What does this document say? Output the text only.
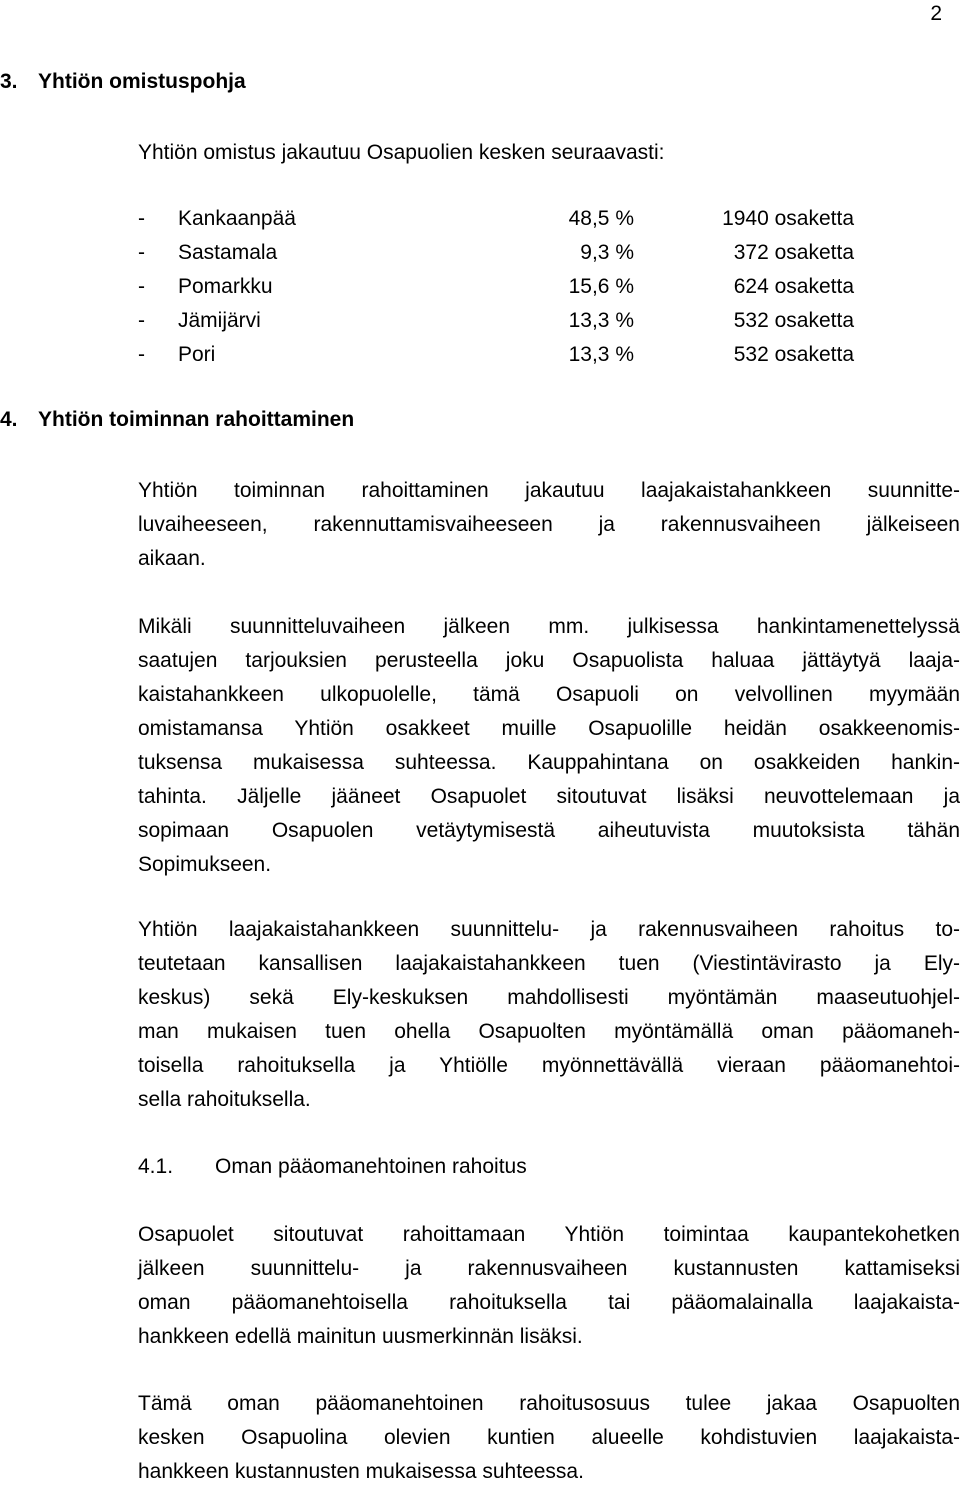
2
3. Yhtiön omistuspohja
Yhtiön omistus jakautuu Osapuolien kesken seuraavasti:
- Kankaanpää	48,5 %	1940 osaketta
- Sastamala	9,3 %	372 osaketta
- Pomarkku	15,6 %	624 osaketta
- Jämijärvi	13,3 %	532 osaketta
- Pori	13,3 %	532 osaketta
4. Yhtiön toiminnan rahoittaminen
Yhtiön toiminnan rahoittaminen jakautuu laajakaistahankkeen suunnitte-
luvaiheeseen, rakennuttamisvaiheeseen ja rakennusvaiheen jälkeiseen
aikaan.
Mikäli suunnitteluvaiheen jälkeen mm. julkisessa hankintamenettelyssä
saatujen tarjouksien perusteella joku Osapuolista haluaa jättäytyä laaja-
kaistahankkeen ulkopuolelle, tämä Osapuoli on velvollinen myymään
omistamansa Yhtiön osakkeet muille Osapuolille heidän osakkeenomis-
tuksensa mukaisessa suhteessa. Kauppahintana on osakkeiden hankin-
tahinta. Jäljelle jääneet Osapuolet sitoutuvat lisäksi neuvottelemaan ja
sopimaan Osapuolen vetäytymisestä aiheutuvista muutoksista tähän
Sopimukseen.
Yhtiön laajakaistahankkeen suunnittelu- ja rakennusvaiheen rahoitus to-
teutetaan kansallisen laajakaistahankkeen tuen (Viestintävirasto ja Ely-
keskus) sekä Ely-keskuksen mahdollisesti myöntämän maaseutuohjel-
man mukaisen tuen ohella Osapuolten myöntämällä oman pääomaneh-
toisella rahoituksella ja Yhtiölle myönnettävällä vieraan pääomanehtoi-
sella rahoituksella.
4.1. Oman pääomanehtoinen rahoitus
Osapuolet sitoutuvat rahoittamaan Yhtiön toimintaa kaupantekohetken
jälkeen suunnittelu- ja rakennusvaiheen kustannusten kattamiseksi
oman pääomanehtoisella rahoituksella tai pääomalainalla laajakaista-
hankkeen edellä mainitun uusmerkinnän lisäksi.
Tämä oman pääomanehtoinen rahoitusosuus tulee jakaa Osapuolten
kesken Osapuolina olevien kuntien alueelle kohdistuvien laajakaista-
hankkeen kustannusten mukaisessa suhteessa.
